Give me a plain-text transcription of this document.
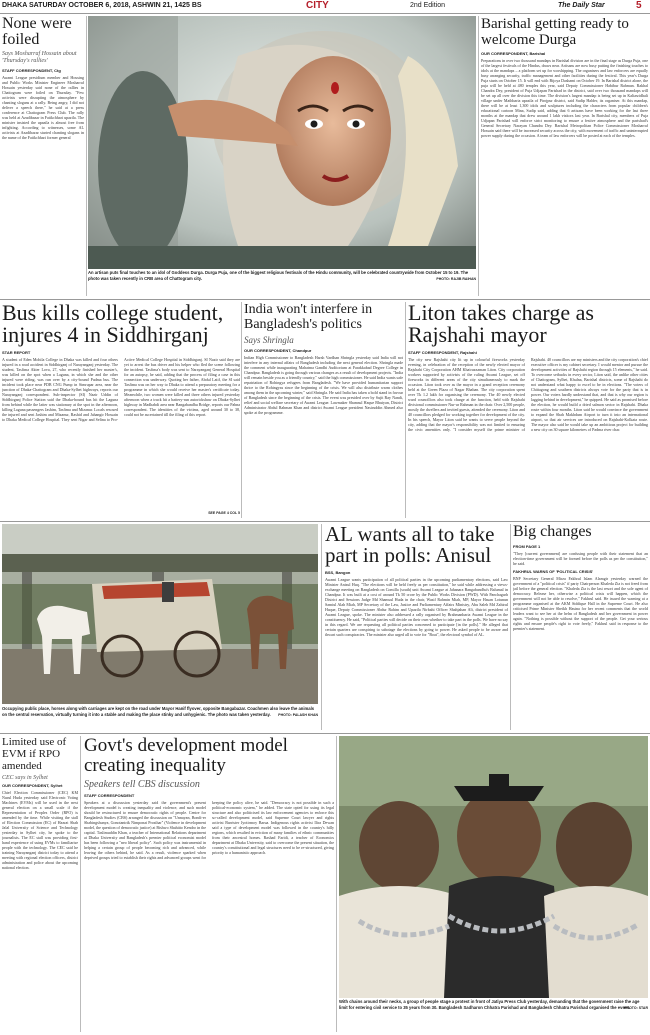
DHAKA SATURDAY OCTOBER 6, 2018, ASHWIN 21, 1425 BS	CITY	2nd Edition	The Daily Star	5
None were foiled
Says Mosharraf Hossain about 'Thursday's rallies'
STAFF CORRESPONDENT, Ctg
Awami League presidium member and Housing and Public Works Minister Engineer Mosharraf Hossain yesterday said none of the rallies in Chattogram were foiled on Thursday. "Few activists were disrupting the atmosphere by chanting slogans at a rally. Being angry, I did not deliver a speech there," he said at a press conference at Chattogram Press Club. The rally was held at Azadibazar in Fatikchhari upazila. The minister insisted the upazila is almost free from infighting. According to witnesses, some AL activists at Azadibazar started chanting slogans in the name of the Fatikchhari former general
An artisan puts final touches to an idol of Goddess Durga. Durga Puja, one of the biggest religious festivals of the Hindu community, will be celebrated countrywide from October 15 to 19. The photo was taken recently in CRB area of Chattogram city.	PHOTO: RAJIB RAIHAN
Barishal getting ready to welcome Durga
OUR CORRESPONDENT, Barishal
Preparations in over two thousand mandaps in Barishal division are in the final stage as Durga Puja, one of the largest festivals of the Hindus, draws near. Artisans are now busy putting the finishing touches to idols at the mandaps – a platform set up for worshipping. The organisers and law enforcers are equally busy arranging security, traffic management and other facilities during the festival. This year's Durga Puja starts on October 15. It will end with Bijoya Dashami on October 19. In Barishal district alone, the puja will be held at 480 temples this year, said Deputy Commissioner Habibur Rahman. Rakhal Chandra Dey, president of Puja Udjapan Parishad in the district, said over two thousand mandaps will be set up all over the division this time. The division's largest mandap is being set up in Kaliasridhali village under Mathbaria upazila of Pirojpur district, said Sudip Halder, its organiser. At this mandap, there will be at least 1,300 idols and sculptures including the characters from popular children's educational cartoon Mina, Sudip said, adding that 6 artisans have been working for the last three months at the mandap that drew around 1 lakh visitors last year. In Barishal city, members of Puja Udjapan Parishad will enforce strict monitoring to ensure a festive atmosphere and the parishad's General Secretary Narayan Chandra Dey. Barishal Metropolitan Police Commissioner Mosharraf Hossain said there will be increased security across the city, with movement of traffic and uninterrupted power supply during the occasion. A team of law enforcers will be posted at each of the temples.
Bus kills college student, injures 4 in Siddhirganj
STAR REPORT
A student of Eden Mohila College in Dhaka was killed and four others injured in a road accident in Siddhirganj of Narayanganj yesterday. The student, Tasfima Akter Lova, 27, who recently finished her master's, was killed on the spot when a Laguna, in which she and the other injured were riding, was run over by a city-bound Padma bus. The incident took place near PDB CNG Pump in Simrupar area, near the junction of Dhaka-Chattogram and Dhaka-Sylhet highways, reports our Narayanganj correspondent. Sub-inspector (SI) Nazir Uddin of Siddhirganj Police Station said the Dhaka-bound bus hit the Laguna from behind while the latter was stationary at the spot in the afternoon, killing Laguna passengers Jashim, Tasfima and Mizanur. Locals rescued the injured and sent Jashim and Mizanur, Rashid and Jahangir Hossain to Dhaka Medical College Hospital. They sent Nigar and Selina to Pro-Active Medical College Hospital in Siddhirganj. SI Nazir said they are yet to arrest the bus driver and his helper who fled the scene following the incident. Tasfima's body was sent to Narayanganj General Hospital for an autopsy, he said, adding that the process of filing a case in this connection was underway. Quoting her father, Abdul Latif, the SI said Tasfima was on her way to Dhaka to attend a preparatory meeting for a programme in which she would receive her master's certificate today. Meanwhile, two women were killed and three others injured yesterday afternoon when a truck hit a battery-run autorickshaw on Dhaka-Sylhet highway in Madhabdi area near Bangabandhu Bridge, reports our Pabna correspondent. The identities of the victims, aged around 30 to 38, could not be ascertained till the filing of this report.
SEE PAGE 4 COL 5
India won't interfere in Bangladesh's politics
Says Shringla
OUR CORRESPONDENT, Chandpur
Indian High Commissioner to Bangladesh Harsh Vardhan Shringla yesterday said India will not interfere in any internal affairs of Bangladesh including the next general election. Shringla made the comment while inaugurating Mahatma Gandhi Auditorium at Farakkabad Degree College in Chandpur. Bangladesh is going through various changes as a result of development projects. "India will remain beside you as a friendly country," said the high commissioner. He said India wants safe repatriation of Rohingya refugees from Bangladesh. "We have provided humanitarian support thrice to the Rohingyas since the beginning of the crisis. We will also distribute warm clothes among them in the upcoming winter," said Shringla. He said India has taken a bold stand in favour of Bangladesh since the beginning of the crisis. The event was presided over by Sujit Ray Nandi, relief and social welfare secretary of Awami League. Lawmaker Shamsul Haque Bhuiyan, District Administrator Abdul Rahman Khan and district Awami League president Nasiruddin Ahmed also spoke at the programme.
Liton takes charge as Rajshahi mayor
STAFF CORRESPONDENT, Rajshahi
The city new Rajshahi city lit up in colourful fireworks yesterday evening, in celebration of the reception of the newly elected mayor of Rajshahi City Corporation AHM Khairuzzaman Liton. City corporation workers supported by activists of the ruling Awami League, set off fireworks in different areas of the city simultaneously to mark the occasion. Liton took over as the mayor in a grand reception ceremony held at the Green Plaza of Nagar Bhaban. The city corporation spent over Tk 1.2 lakh for organising the ceremony. The 40 newly elected ward councillors also took charge at the function, held with Rajshahi divisional commissioner Nur-ur Rahman in the chair. Over 2,500 people, mostly the dwellers and invited guests, attended the ceremony. Liton and 40 councillors pledged for working together for development of the city. In his speech, Mayor Liton said he wants to serve people beyond the city, adding that the mayor's responsibility was not limited to ensuring the civic amenities only. "I consider myself the prime minister of Rajshahi. 40 councillors are my ministers and the city corporation's chief executive officer is my cabinet secretary. I would mentor and pursue the development activities of Rajshahi region through 15 elements," he said. To overcome setbacks in every sector, Liton said, the unlike other cities of Chattogram, Sylhet, Khulna, Barishal districts, some of Rajshahi do not understand what happy to excel to be in elections. "The voters of Chittagong and southern districts always vote for the party that is in power. Our voters hardly understand that, and that is why our region is lagging behind in development," he quipped. He said as promised before the election, he would build a dried salmon sector in Rajshahi. Dhaka route within four months. Liton said he would convince the government to expand the Shah Makhdum Airport to turn it into an international airport, so that air services are introduced on Rajshahi-Kolkata route. The mayor also said he would take up an ambitious project for building a new city on 30 square kilometres of Padma river char.
Occupying public place, horses along with carriages are kept on the road under Mayor Hanif flyover, opposite Bangabazar. Coachmen also leave the animals on the central reservation, virtually turning it into a stable and making the place stinky and unhygienic. The photo was taken yesterday.	PHOTO: PALASH KHAN
AL wants all to take part in polls: Anisul
BSS, Bangon
Awami League wants participation of all political parties in the upcoming parliamentary elections, said Law Minister Anisul Huq. "The elections will be held freely as per constitution," he said while addressing a views-exchange meeting on Bangladesh on Comilla (south) unit Awami League at Jahanara Bangabandhu's Balumal in Chandpur. It was built at a cost of around Tk 50 crore by the Public Works Division (PWD). With Panchagarh District and Sessions Judge Md Shamsul Huda in the chair, Wasif Rahmin Miah, MP, Mayor Hasan Lotunun Samiul Alah Miah, MP Secretary of the Law, Justice and Parliamentary Affairs Ministry, Abu Saleh Md Zahirul Haque, Deputy Commissioner Abdur Rahim and Upazila Nirbahi Officer Shahjahan Ali, district president of Awami League, spoke. The minister also addressed a rally organised by Brahmanbaria Awami League in the constituency. He said, "Political parties will decide on their own whether to take part in the polls. We have no say in this regard. We are requesting all political parties concerned to participate [in the polls]." He alleged that certain quarters are conspiring to sabotage the elections by going to power. He asked people to be aware and thwart such conspiracies. The minister also urged all to vote for "Boat", the electoral symbol of AL.
Big changes
FROM PAGE 1
"They [current government] are confusing people with their statement that an election-time government will be formed before the polls as per the constitution," he said.
FAKHRUL WARNS OF 'POLITICAL CRISIS'
BNP Secretary General Mirza Fakhrul Islam Alamgir yesterday warned the government of a "political crisis" if party Chairperson Khaleda Zia is not freed from jail before the general election. "Khaleda Zia is the last resort and the sole agent of democracy. Release her, otherwise a political crisis will happen, which the government will not be able to resolve," Fakhrul said. He issued the warning at a programme organised at the AKM Siddique Hall in the Supreme Court. He also criticised Prime Minister Sheikh Hasina for her recent comments that the world leaders want to see her at the helm of Bangladesh and her government in power again. "Nothing is possible without the support of the people. Get your serious rights and ensure people's right to vote freely," Fakhrul said in response to the premier's statement.
Limited use of EVM if RPO amended
CEC says in Sylhet
OUR CORRESPONDENT, Sylhet
Chief Election Commissioner (CEC) KM Nurul Huda yesterday said Electronic Voting Machines (EVMs) will be used in the next general election on a small scale if the Representation of Peoples Order (RPO) is amended by the time. While visiting the stall of Election Commission (EC) of Hazrat Shah Jalal University of Science and Technology yesterday in Sylhet city, he spoke to the journalists. The EC stall was providing first-hand experience of using EVMs to familiarise people with the technology. The CEC said he training Narayanganj district today to attend a meeting with regional election officers, district administration and police about the upcoming national election.
Govt's development model creating inequality
Speakers tell CBS discussion
STAFF CORRESPONDENT
Speakers at a discussion yesterday said the government's present development model is creating inequality and violence, and such model should be restructured to ensure democratic rights of people. Centre for Bangladesh Studies (CBS) arranged the discussion on "Unnayan, Bondi-er Shabingshunya, Gonotantrik Nimponai Prosthar" (Violence in development model, the question of democratic justice) at Bishwo Shahitto Kendro in the capital. Taslimuddin Khan, a teacher of International Relations department at Dhaka University and Bangladesh's premier political economist model has been following a "neo liberal policy". Such policy was instrumental in helping a certain group of people becoming rich and advanced, while leaving the others behind, he said. As a result, violence sparked when deprived groups tried to establish their rights and advanced groups went for keeping the policy alive, he said. "Democracy is not possible in such a political-economic system," he added. The state opted for using its legal structure and also politicised its law enforcement agencies to enforce this so-called development model, said Supreme Court lawyer and rights activist Barrister Jyotirmoy Barua. Indigenous rights activist Ilira Dewan said a type of development model was followed in the country's hilly regions, which resulted in eviction of many families of ethnic communities from their ancestral homes. Rashad Faridi, a teacher of Economics department at Dhaka University, said to overcome the present situation, the country's constitutional and legal structures need to be re-structured, giving priority to a humanistic approach.
With chains around their necks, a group of people stage a protest in front of Jatiya Press Club yesterday, demanding that the government raise the age limit for entering civil service to 35 years from 30. Bangladesh Sadharon Chhatra Parishad and Bangladesh Chhatra Parishad organised the event.
PHOTO: STAR
